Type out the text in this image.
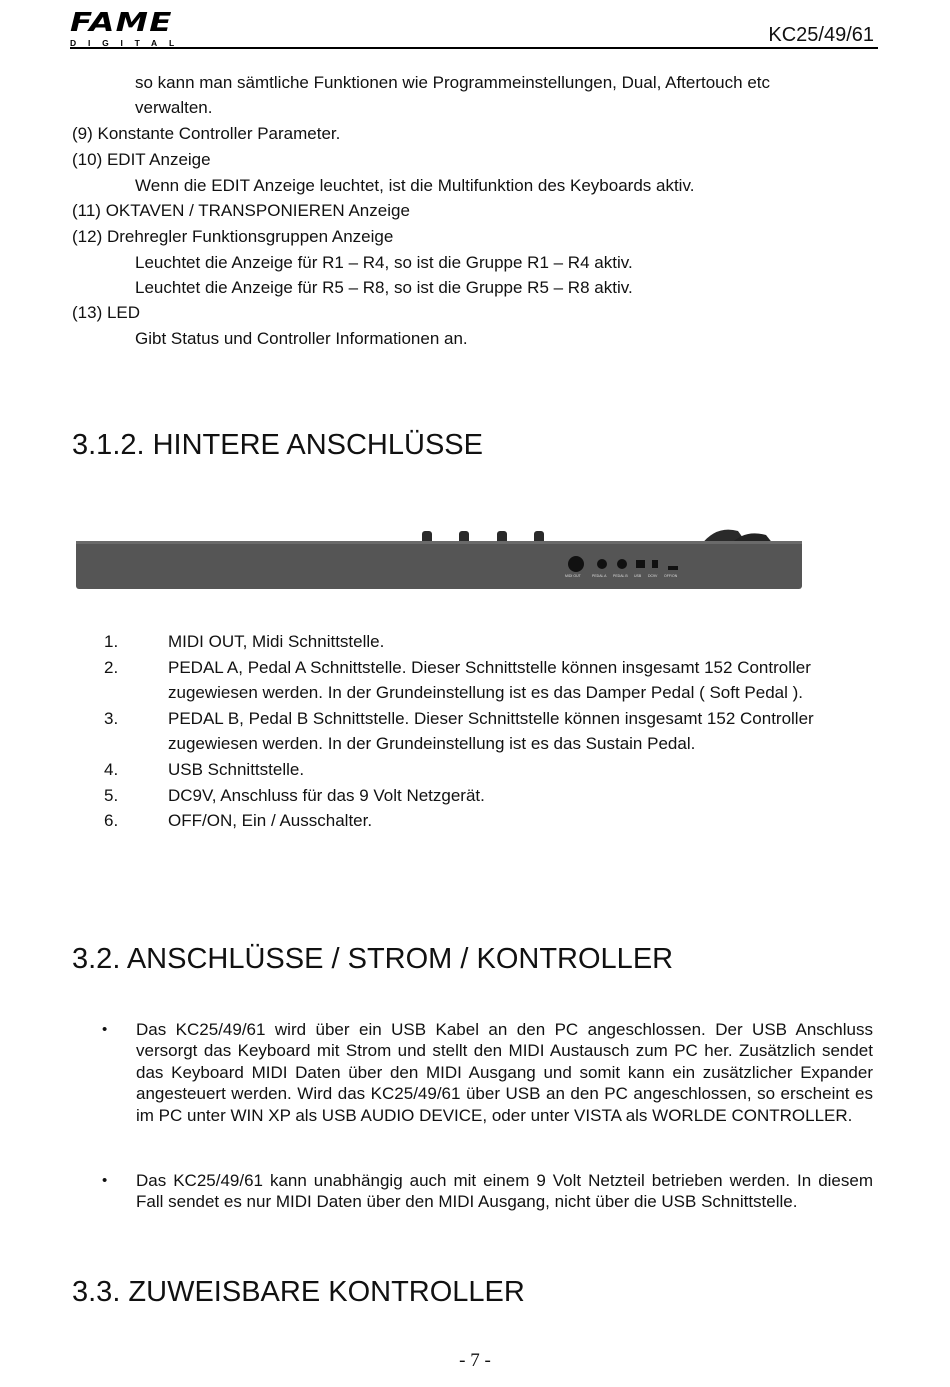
FAME
DIGITAL	KC25/49/61
so kann man sämtliche Funktionen wie Programmeinstellungen, Dual, Aftertouch etc
verwalten.
(9) Konstante Controller Parameter.
(10) EDIT Anzeige
Wenn die EDIT Anzeige leuchtet, ist die Multifunktion des Keyboards aktiv.
(11) OKTAVEN / TRANSPONIEREN Anzeige
(12) Drehregler Funktionsgruppen Anzeige
Leuchtet die Anzeige für R1 – R4, so ist die Gruppe R1 – R4 aktiv.
Leuchtet die Anzeige für R5 – R8, so ist die Gruppe R5 – R8 aktiv.
(13) LED
Gibt Status und Controller Informationen an.
3.1.2. HINTERE ANSCHLÜSSE
MIDI OUT	PEDAL A PEDAL B USB DC9V OFF/ON
1.	MIDI OUT, Midi Schnittstelle.
2.	PEDAL A, Pedal A Schnittstelle. Dieser Schnittstelle können insgesamt 152 Controller
zugewiesen werden. In der Grundeinstellung ist es das Damper Pedal ( Soft Pedal ).
3.	PEDAL B, Pedal B Schnittstelle. Dieser Schnittstelle können insgesamt 152 Controller
zugewiesen werden. In der Grundeinstellung ist es das Sustain Pedal.
4.	USB Schnittstelle.
5.	DC9V, Anschluss für das 9 Volt Netzgerät.
6.	OFF/ON, Ein / Ausschalter.
3.2. ANSCHLÜSSE / STROM / KONTROLLER
• Das KC25/49/61 wird über ein USB Kabel an den PC angeschlossen. Der USB Anschluss versorgt das Keyboard mit Strom und stellt den MIDI Austausch zum PC her. Zusätzlich sendet das Keyboard MIDI Daten über den MIDI Ausgang und somit kann ein zusätzlicher Expander angesteuert werden. Wird das KC25/49/61 über USB an den PC angeschlossen, so erscheint es im PC unter WIN XP als USB AUDIO DEVICE, oder unter VISTA als WORLDE CONTROLLER.
• Das KC25/49/61 kann unabhängig auch mit einem 9 Volt Netzteil betrieben werden. In diesem Fall sendet es nur MIDI Daten über den MIDI Ausgang, nicht über die USB Schnittstelle.
3.3. ZUWEISBARE KONTROLLER
- 7 -
